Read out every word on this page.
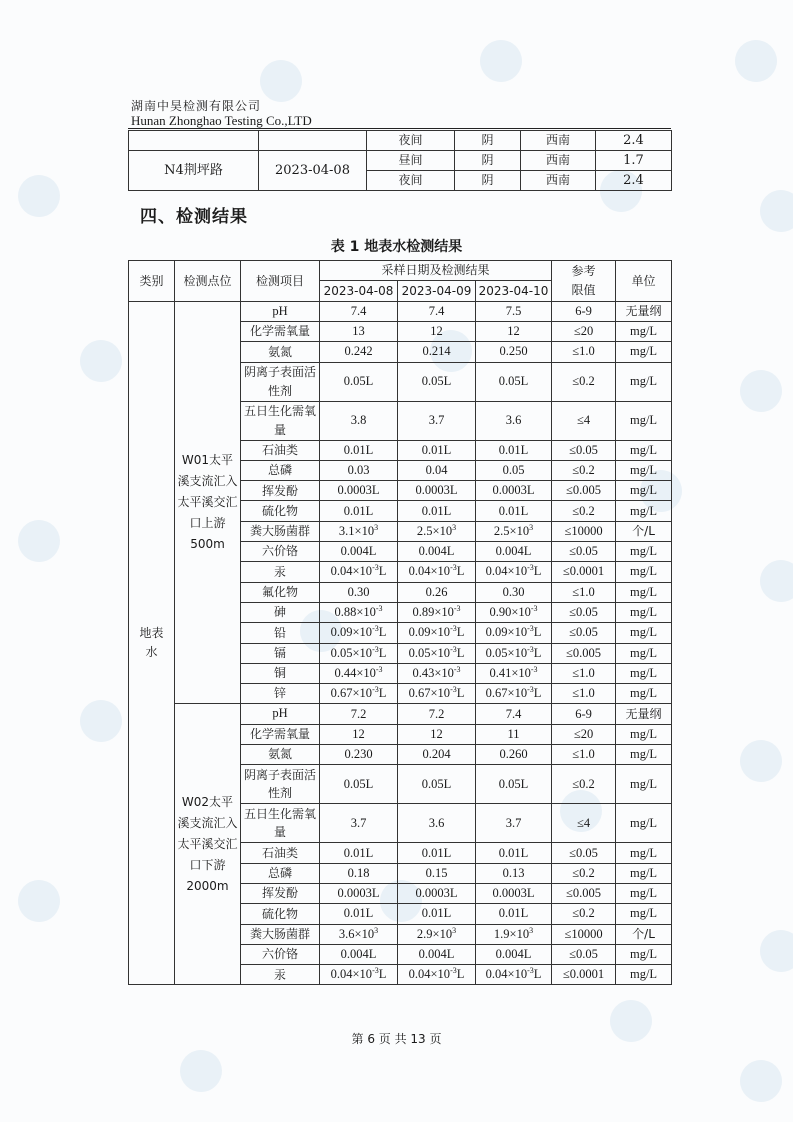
湖南中昊检测有限公司
Hunan Zhonghao Testing Co.,LTD
		夜间	阴	西南	2.4
N4荆坪路	2023-04-08	昼间	阴	西南	1.7
		夜间	阴	西南	2.4
四、检测结果
表 1 地表水检测结果
类别	检测点位	检测项目	采样日期及检测结果			参考限值	单位
			2023-04-08	2023-04-09	2023-04-10		
地表水	W01太平溪支流汇入太平溪交汇口上游500m	pH	7.4	7.4	7.5	6-9	无量纲
		化学需氧量	13	12	12	≤20	mg/L
		氨氮	0.242	0.214	0.250	≤1.0	mg/L
		阴离子表面活性剂	0.05L	0.05L	0.05L	≤0.2	mg/L
		五日生化需氧量	3.8	3.7	3.6	≤4	mg/L
		石油类	0.01L	0.01L	0.01L	≤0.05	mg/L
		总磷	0.03	0.04	0.05	≤0.2	mg/L
		挥发酚	0.0003L	0.0003L	0.0003L	≤0.005	mg/L
		硫化物	0.01L	0.01L	0.01L	≤0.2	mg/L
		粪大肠菌群	$3.1\times 10^3$	$2.5\times 10^3$	$2.5\times 10^3$	≤10000	个/L
		六价铬	0.004L	0.004L	0.004L	≤0.05	mg/L
		汞	$0.04\times 10^{-3}L$	$0.04\times 10^{-3}L$	$0.04\times 10^{-3}L$	≤0.0001	mg/L
		氟化物	0.30	0.26	0.30	≤1.0	mg/L
		砷	$0.88\times 10^{-3}$	$0.89\times 10^{-3}$	$0.90\times 10^{-3}$	≤0.05	mg/L
		铅	$0.09\times 10^{-3}L$	$0.09\times 10^{-3}L$	$0.09\times 10^{-3}L$	≤0.05	mg/L
		镉	$0.05\times 10^{-3}L$	$0.05\times 10^{-3}L$	$0.05\times 10^{-3}L$	≤0.005	mg/L
		铜	$0.44\times 10^{-3}$	$0.43\times 10^{-3}$	$0.41\times 10^{-3}$	≤1.0	mg/L
		锌	$0.67\times 10^{-3}L$	$0.67\times 10^{-3}L$	$0.67\times 10^{-3}L$	≤1.0	mg/L
	W02太平溪支流汇入太平溪交汇口下游2000m	pH	7.2	7.2	7.4	6-9	无量纲
		化学需氧量	12	12	11	≤20	mg/L
		氨氮	0.230	0.204	0.260	≤1.0	mg/L
		阴离子表面活性剂	0.05L	0.05L	0.05L	≤0.2	mg/L
		五日生化需氧量	3.7	3.6	3.7	≤4	mg/L
		石油类	0.01L	0.01L	0.01L	≤0.05	mg/L
		总磷	0.18	0.15	0.13	≤0.2	mg/L
		挥发酚	0.0003L	0.0003L	0.0003L	≤0.005	mg/L
		硫化物	0.01L	0.01L	0.01L	≤0.2	mg/L
		粪大肠菌群	$3.6\times 10^3$	$2.9\times 10^3$	$1.9\times 10^3$	≤10000	个/L
		六价铬	0.004L	0.004L	0.004L	≤0.05	mg/L
		汞	$0.04\times 10^{-3}L$	$0.04\times 10^{-3}L$	$0.04\times 10^{-3}L$	≤0.0001	mg/L
第 6 页 共 13 页
